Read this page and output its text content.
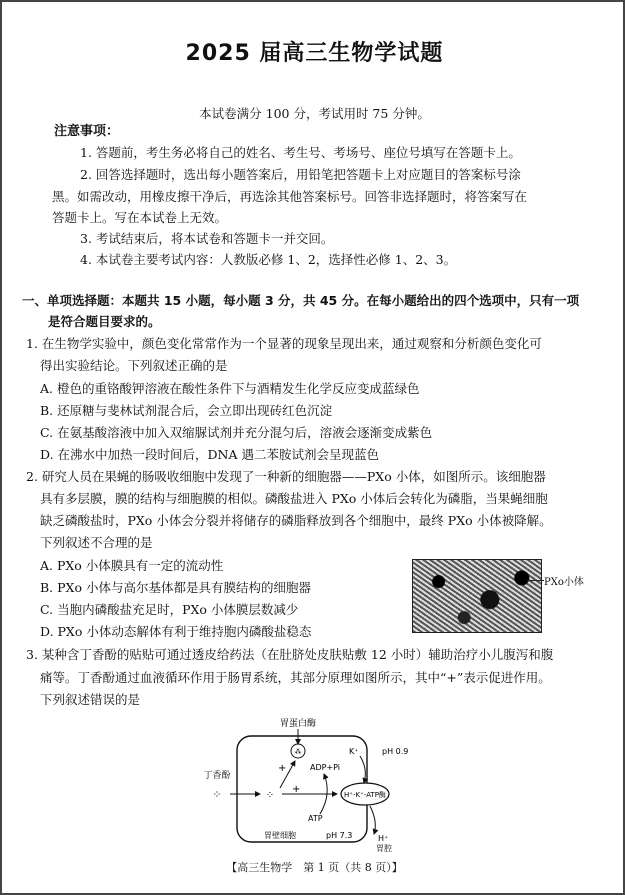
2025 届高三生物学试题
本试卷满分 100 分，考试用时 75 分钟。
注意事项：
1. 答题前，考生务必将自己的姓名、考生号、考场号、座位号填写在答题卡上。
2. 回答选择题时，选出每小题答案后，用铅笔把答题卡上对应题目的答案标号涂
黑。如需改动，用橡皮擦干净后，再选涂其他答案标号。回答非选择题时，将答案写在
答题卡上。写在本试卷上无效。
3. 考试结束后，将本试卷和答题卡一并交回。
4. 本试卷主要考试内容：人教版必修 1、2，选择性必修 1、2、3。
一、单项选择题：本题共 15 小题，每小题 3 分，共 45 分。在每小题给出的四个选项中，只有一项
是符合题目要求的。
1. 在生物学实验中，颜色变化常常作为一个显著的现象呈现出来，通过观察和分析颜色变化可
得出实验结论。下列叙述正确的是
A. 橙色的重铬酸钾溶液在酸性条件下与酒精发生化学反应变成蓝绿色
B. 还原糖与斐林试剂混合后，会立即出现砖红色沉淀
C. 在氨基酸溶液中加入双缩脲试剂并充分混匀后，溶液会逐渐变成紫色
D. 在沸水中加热一段时间后，DNA 遇二苯胺试剂会呈现蓝色
2. 研究人员在果蝇的肠吸收细胞中发现了一种新的细胞器——PXo 小体，如图所示。该细胞器
具有多层膜，膜的结构与细胞膜的相似。磷酸盐进入 PXo 小体后会转化为磷脂，当果蝇细胞
缺乏磷酸盐时，PXo 小体会分裂并将储存的磷脂释放到各个细胞中，最终 PXo 小体被降解。
下列叙述不合理的是
A. PXo 小体膜具有一定的流动性
B. PXo 小体与高尔基体都是具有膜结构的细胞器
C. 当胞内磷酸盐充足时，PXo 小体膜层数减少
D. PXo 小体动态解体有利于维持胞内磷酸盐稳态
PXo小体
3. 某种含丁香酚的贴贴可通过透皮给药法（在肚脐处皮肤贴敷 12 小时）辅助治疗小儿腹泻和腹
痛等。丁香酚通过血液循环作用于肠胃系统，其部分原理如图所示，其中“+”表示促进作用。
下列叙述错误的是
胃蛋白酶
⁂
丁香酚
⁘	⁘
+
+
ADP+Pi
ATP
H⁺-K⁺-ATP酶
K⁺	pH 0.9
H⁺
胃腔
胃壁细胞	pH 7.3
【高三生物学　第 1 页（共 8 页）】
